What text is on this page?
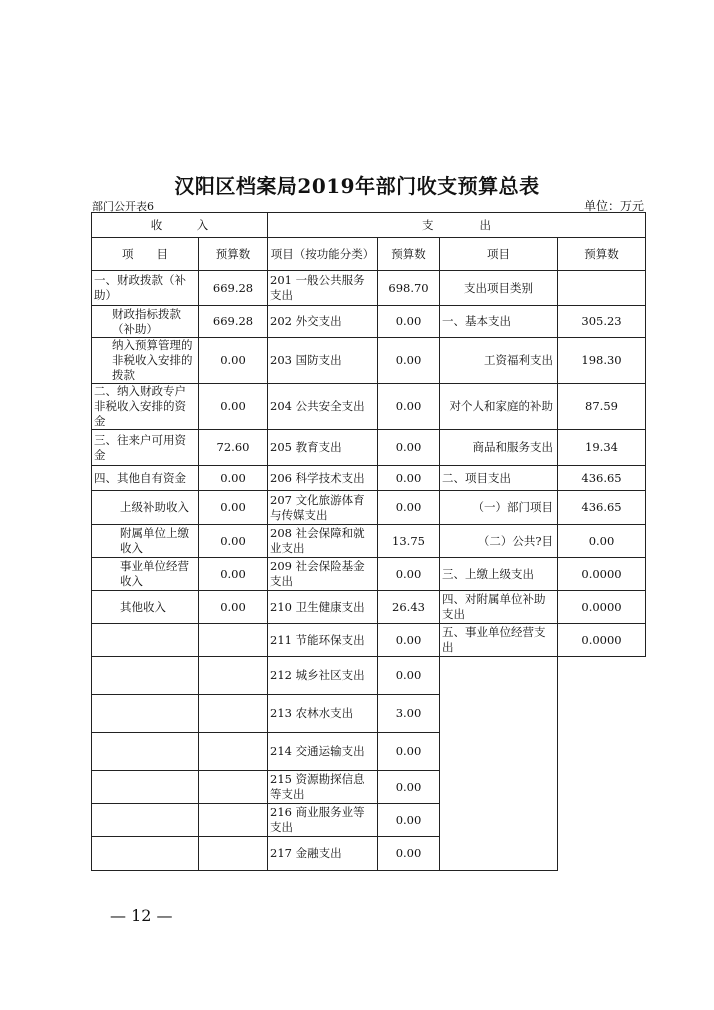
汉阳区档案局2019年部门收支预算总表
部门公开表6	单位：万元
收　　　入		支　　　　出			
项　　目	预算数	项目（按功能分类）	预算数	项目	预算数
一、财政拨款（补助）	669.28	201 一般公共服务支出	698.70	支出项目类别	
财政指标拨款（补助）	669.28	202 外交支出	0.00	一、基本支出	305.23
纳入预算管理的非税收入安排的拨款	0.00	203 国防支出	0.00	工资福利支出	198.30
二、纳入财政专户非税收入安排的资金	0.00	204 公共安全支出	0.00	对个人和家庭的补助	87.59
三、往来户可用资金	72.60	205 教育支出	0.00	商品和服务支出	19.34
四、其他自有资金	0.00	206 科学技术支出	0.00	二、项目支出	436.65
上级补助收入	0.00	207 文化旅游体育与传媒支出	0.00	（一）部门项目	436.65
附属单位上缴收入	0.00	208 社会保障和就业支出	13.75	（二）公共?目	0.00
事业单位经营收入	0.00	209 社会保险基金支出	0.00	三、上缴上级支出	0.0000
其他收入	0.00	210 卫生健康支出	26.43	四、对附属单位补助支出	0.0000
		211 节能环保支出	0.00	五、事业单位经营支出	0.0000
		212 城乡社区支出	0.00		
		213 农林水支出	3.00		
		214 交通运输支出	0.00		
		215 资源勘探信息等支出	0.00		
		216 商业服务业等支出	0.00		
		217 金融支出	0.00		
— 12 —
